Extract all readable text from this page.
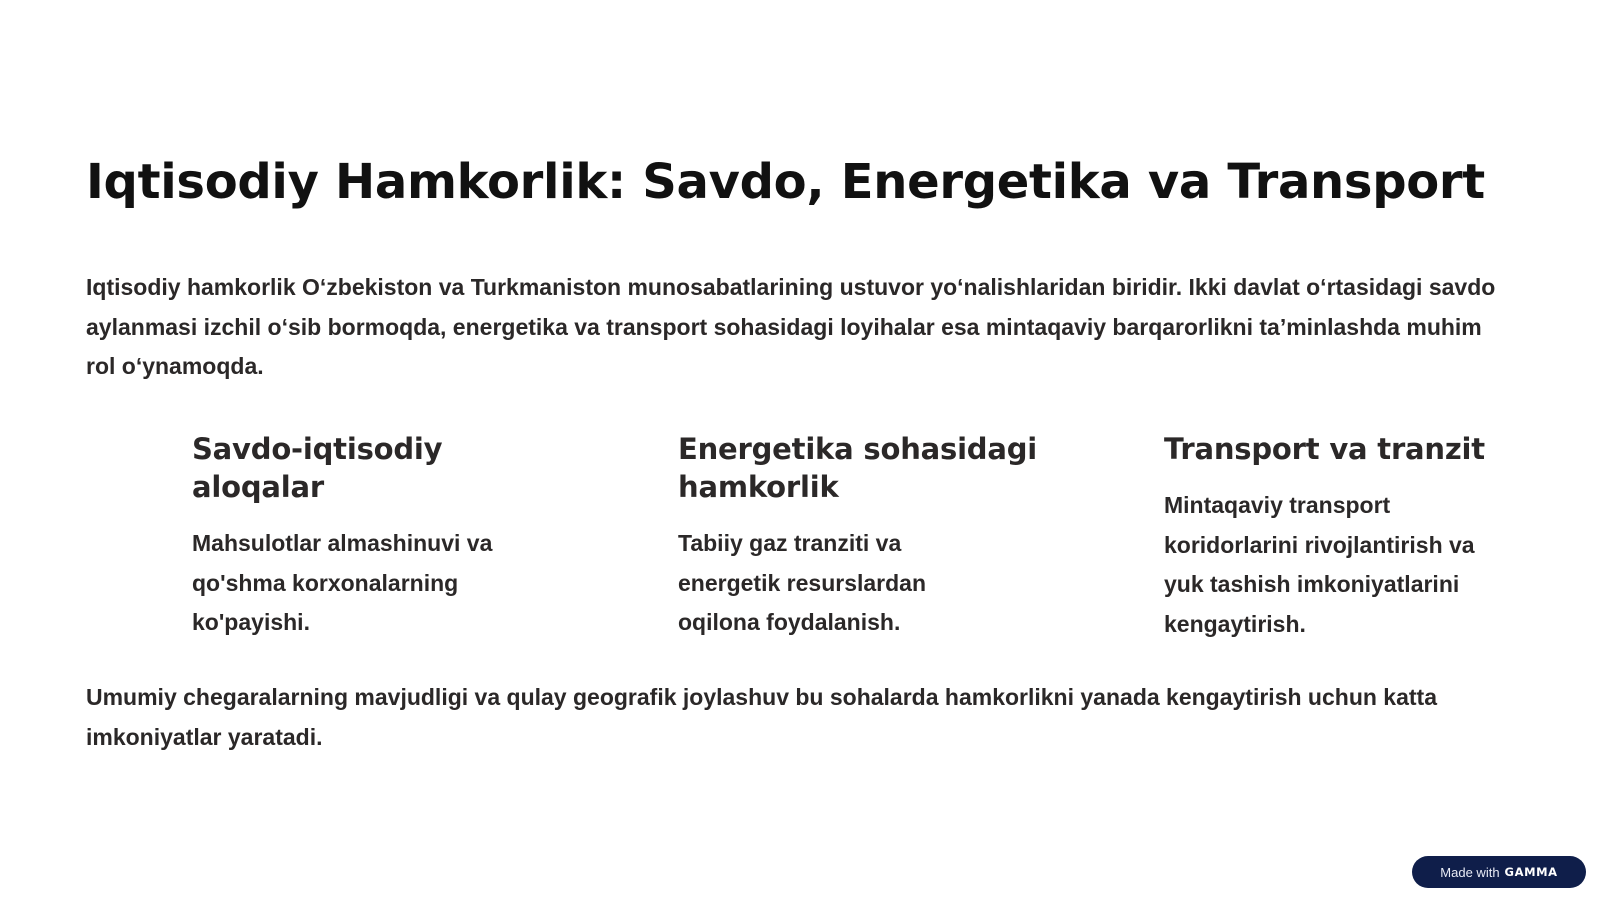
Iqtisodiy Hamkorlik: Savdo, Energetika va Transport

Iqtisodiy hamkorlik Oʻzbekiston va Turkmaniston munosabatlarining ustuvor yoʻnalishlaridan biridir. Ikki davlat oʻrtasidagi savdo aylanmasi izchil oʻsib bormoqda, energetika va transport sohasidagi loyihalar esa mintaqaviy barqarorlikni taʼminlashda muhim rol oʻynamoqda.

Savdo-iqtisodiy aloqalar

Mahsulotlar almashinuvi va qo'shma korxonalarning ko'payishi.

Energetika sohasidagi hamkorlik

Tabiiy gaz tranziti va energetik resurslardan oqilona foydalanish.

Transport va tranzit

Mintaqaviy transport koridorlarini rivojlantirish va yuk tashish imkoniyatlarini kengaytirish.

Umumiy chegaralarning mavjudligi va qulay geografik joylashuv bu sohalarda hamkorlikni yanada kengaytirish uchun katta imkoniyatlar yaratadi.

Made with GAMMA
